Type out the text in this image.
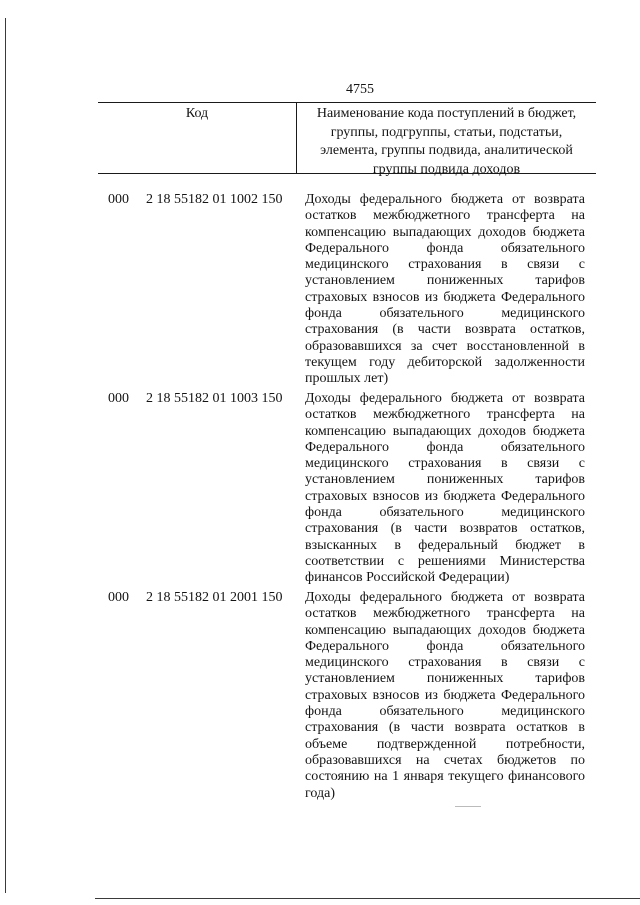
4755
Код	Наименование кода поступлений в бюджет, группы, подгруппы, статьи, подстатьи, элемента, группы подвида, аналитической группы подвида доходов
000 2 18 55182 01 1002 150 Доходы федерального бюджета от возврата остатков межбюджетного трансферта на компенсацию выпадающих доходов бюджета Федерального фонда обязательного медицинского страхования в связи с установлением пониженных тарифов страховых взносов из бюджета Федерального фонда обязательного медицинского страхования (в части возврата остатков, образовавшихся за счет восстановленной в текущем году дебиторской задолженности прошлых лет)
000 2 18 55182 01 1003 150 Доходы федерального бюджета от возврата остатков межбюджетного трансферта на компенсацию выпадающих доходов бюджета Федерального фонда обязательного медицинского страхования в связи с установлением пониженных тарифов страховых взносов из бюджета Федерального фонда обязательного медицинского страхования (в части возвратов остатков, взысканных в федеральный бюджет в соответствии с решениями Министерства финансов Российской Федерации)
000 2 18 55182 01 2001 150 Доходы федерального бюджета от возврата остатков межбюджетного трансферта на компенсацию выпадающих доходов бюджета Федерального фонда обязательного медицинского страхования в связи с установлением пониженных тарифов страховых взносов из бюджета Федерального фонда обязательного медицинского страхования (в части возврата остатков в объеме подтвержденной потребности, образовавшихся на счетах бюджетов по состоянию на 1 января текущего финансового года)
